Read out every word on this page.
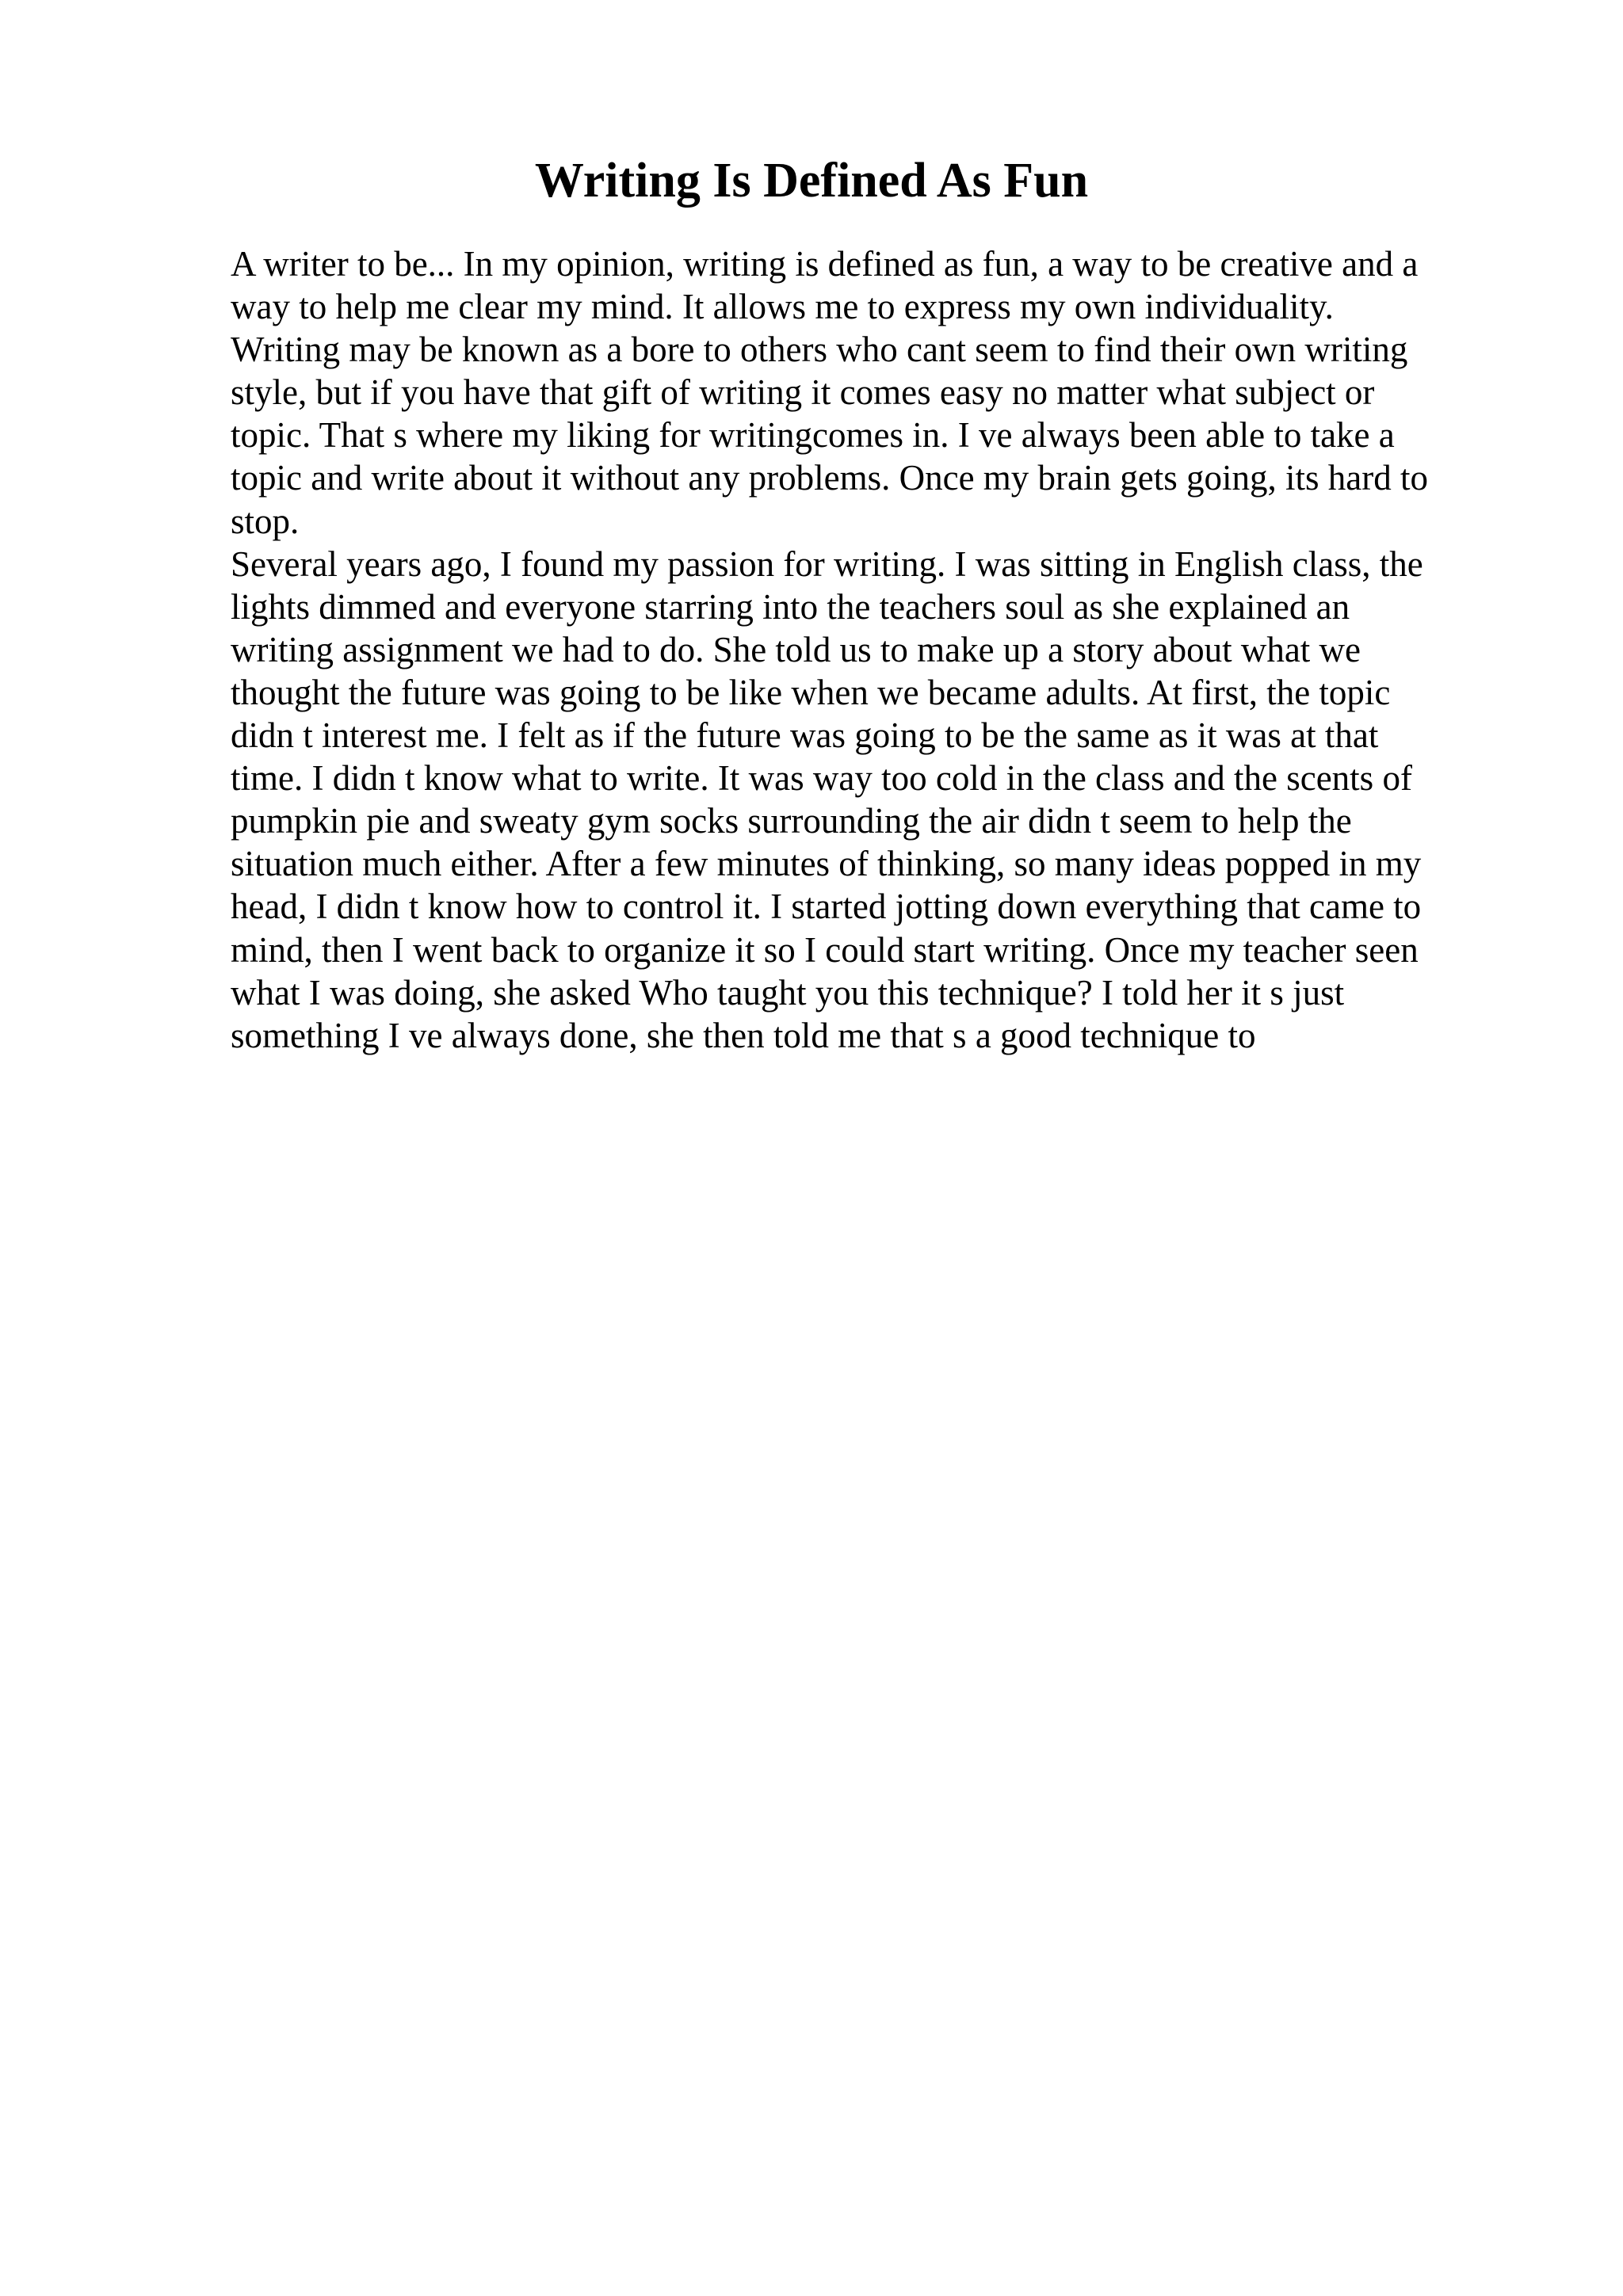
Writing Is Defined As Fun
A writer to be... In my opinion, writing is defined as fun, a way to be creative and a
way to help me clear my mind. It allows me to express my own individuality.
Writing may be known as a bore to others who cant seem to find their own writing
style, but if you have that gift of writing it comes easy no matter what subject or
topic. That s where my liking for writingcomes in. I ve always been able to take a
topic and write about it without any problems. Once my brain gets going, its hard to
stop.
Several years ago, I found my passion for writing. I was sitting in English class, the
lights dimmed and everyone starring into the teachers soul as she explained an
writing assignment we had to do. She told us to make up a story about what we
thought the future was going to be like when we became adults. At first, the topic
didn t interest me. I felt as if the future was going to be the same as it was at that
time. I didn t know what to write. It was way too cold in the class and the scents of
pumpkin pie and sweaty gym socks surrounding the air didn t seem to help the
situation much either. After a few minutes of thinking, so many ideas popped in my
head, I didn t know how to control it. I started jotting down everything that came to
mind, then I went back to organize it so I could start writing. Once my teacher seen
what I was doing, she asked Who taught you this technique? I told her it s just
something I ve always done, she then told me that s a good technique to
